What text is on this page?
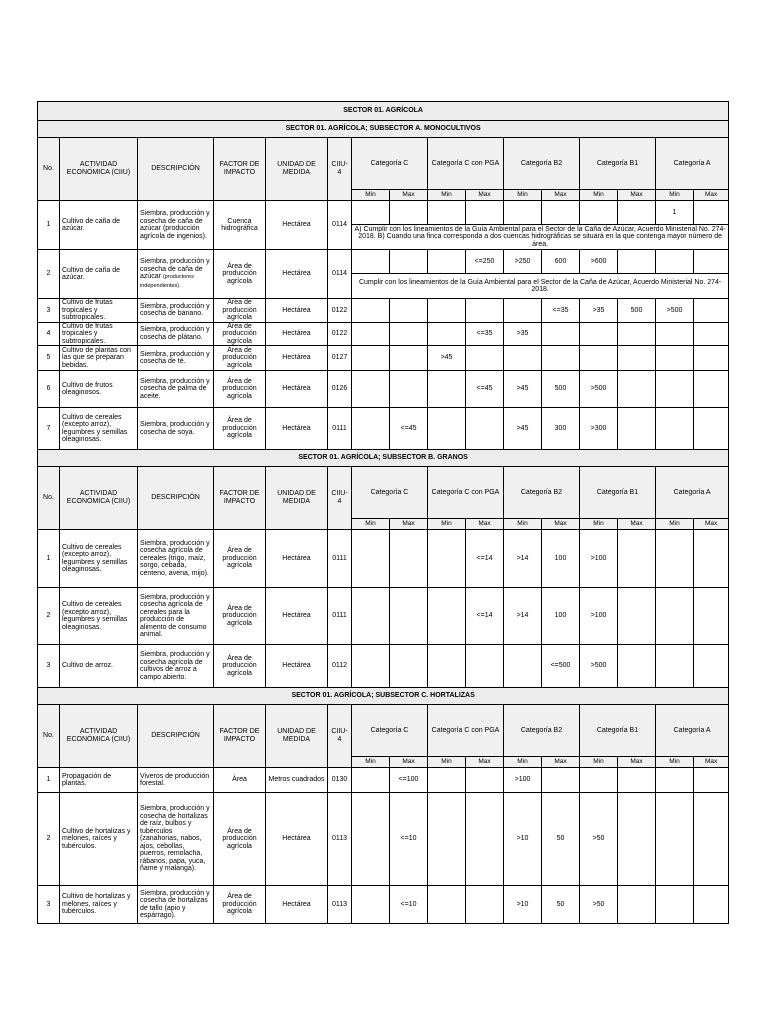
SECTOR 01. AGRÍCOLA															
SECTOR 01. AGRÍCOLA; SUBSECTOR A. MONOCULTIVOS															
No.	ACTIVIDAD ECONÓMICA (CIIU)	DESCRIPCIÓN	FACTOR DE IMPACTO	UNIDAD DE MEDIDA	CIIU-4	Categoría C		Categoría C con PGA		Categoría B2		Categoría B1		Categoría A	
						Min	Max	Min	Max	Min	Max	Min	Max	Min	Max
1	Cultivo de caña de azúcar.	Siembra, producción y cosecha de caña de azúcar (producción agrícola de ingenios).	Cuenca hidrográfica	Hectárea	0114									1	
						A) Cumplir con los lineamientos de la Guía Ambiental para el Sector de la Caña de Azúcar, Acuerdo Ministerial No. 274-2018. B) Cuando una finca corresponda a dos cuencas hidrográficas se situará en la que contenga mayor número de área.									
2	Cultivo de caña de azúcar.	Siembra, producción y cosecha de caña de azúcar (productores independientes).	Área de producción agrícola	Hectárea	0114				<=250	>250	600	>600			
						Cumplir con los lineamientos de la Guía Ambiental para el Sector de la Caña de Azúcar, Acuerdo Ministerial No. 274-2018.									
3	Cultivo de frutas tropicales y subtropicales.	Siembra, producción y cosecha de banano.	Área de producción agrícola	Hectárea	0122						<=35	>35	500	>500	
4	Cultivo de frutas tropicales y subtropicales.	Siembra, producción y cosecha de plátano.	Área de producción agrícola	Hectárea	0122				<=35	>35					
5	Cultivo de plantas con las que se preparan bebidas.	Siembra, producción y cosecha de té.	Área de producción agrícola	Hectárea	0127			>45							
6	Cultivo de frutos oleaginosos.	Siembra, producción y cosecha de palma de aceite.	Área de producción agrícola	Hectárea	0126				<=45	>45	500	>500			
7	Cultivo de cereales (excepto arroz), legumbres y semillas oleaginosas.	Siembra, producción y cosecha de soya.	Área de producción agrícola	Hectárea	0111		<=45			>45	300	>300			
SECTOR 01. AGRÍCOLA; SUBSECTOR B. GRANOS															
No.	ACTIVIDAD ECONÓMICA (CIIU)	DESCRIPCIÓN	FACTOR DE IMPACTO	UNIDAD DE MEDIDA	CIIU-4	Categoría C		Categoría C con PGA		Categoría B2		Categoría B1		Categoría A	
						Min	Max	Min	Max	Min	Max	Min	Max	Min	Max
1	Cultivo de cereales (excepto arroz), legumbres y semillas oleaginosas.	Siembra, producción y cosecha agrícola de cereales (trigo, maíz, sorgo, cebada, centeno, avena, mijo).	Área de producción agrícola	Hectárea	0111				<=14	>14	100	>100			
2	Cultivo de cereales (excepto arroz), legumbres y semillas oleaginosas.	Siembra, producción y cosecha agrícola de cereales para la producción de alimento de consumo animal.	Área de producción agrícola	Hectárea	0111				<=14	>14	100	>100			
3	Cultivo de arroz.	Siembra, producción y cosecha agrícola de cultivos de arroz a campo abierto.	Área de producción agrícola	Hectárea	0112						<=500	>500			
SECTOR 01. AGRÍCOLA; SUBSECTOR C. HORTALIZAS															
No.	ACTIVIDAD ECONÓMICA (CIIU)	DESCRIPCIÓN	FACTOR DE IMPACTO	UNIDAD DE MEDIDA	CIIU-4	Categoría C		Categoría C con PGA		Categoría B2		Categoría B1		Categoría A	
						Min	Max	Min	Max	Min	Max	Min	Max	Min	Max
1	Propagación de plantas.	Viveros de producción forestal.	Área	Metros cuadrados	0130		<=100			>100					
2	Cultivo de hortalizas y melones, raíces y tubérculos.	Siembra, producción y cosecha de hortalizas de raíz, bulbos y tubérculos (zanahorias, nabos, ajos, cebollas, puerros, remolacha, rábanos, papa, yuca, ñame y malanga).	Área de producción agrícola	Hectárea	0113		<=10			>10	50	>50			
3	Cultivo de hortalizas y melones, raíces y tubérculos.	Siembra, producción y cosecha de hortalizas de tallo (apio y espárrago).	Área de producción agrícola	Hectárea	0113		<=10			>10	50	>50			
